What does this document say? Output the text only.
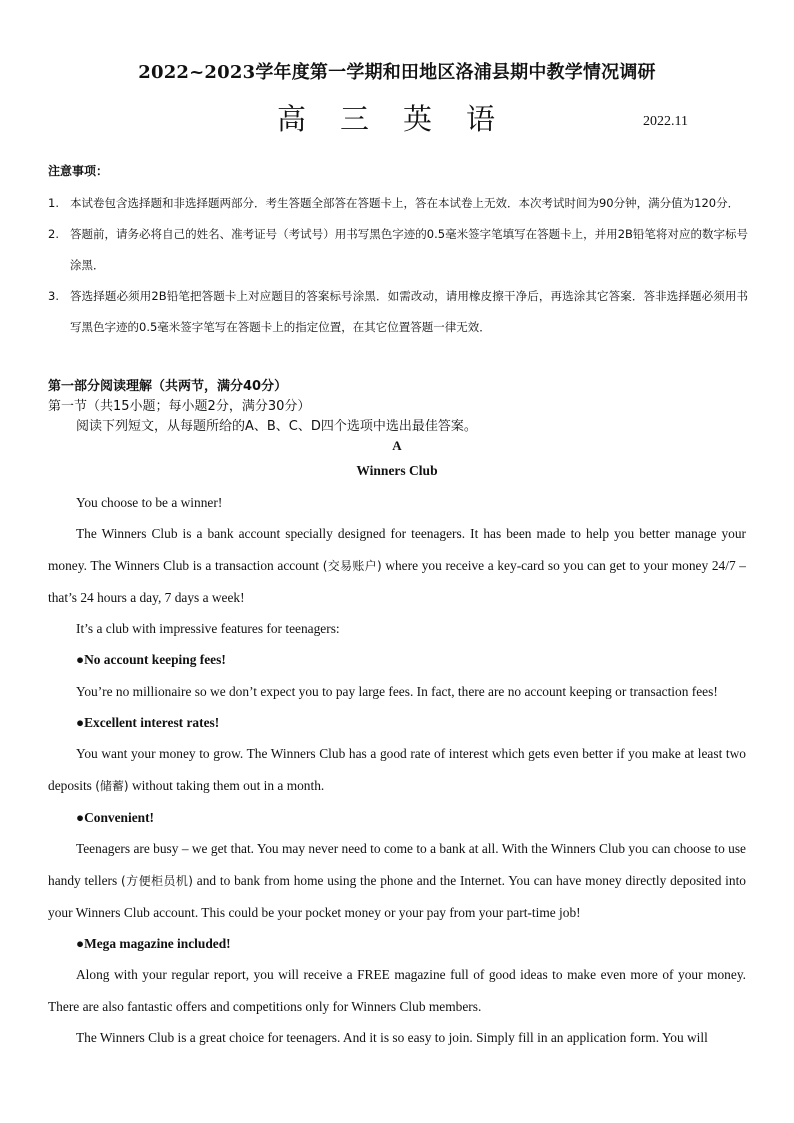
2022~2023学年度第一学期和田地区洛浦县期中教学情况调研
高三英语	2022.11
注意事项：
1. 本试卷包含选择题和非选择题两部分．考生答题全部答在答题卡上，答在本试卷上无效．本次考试时间为90分钟，满分值为120分．
2. 答题前，请务必将自己的姓名、准考证号（考试号）用书写黑色字迹的0.5毫米签字笔填写在答题卡上，并用2B铅笔将对应的数字标号涂黑．
3. 答选择题必须用2B铅笔把答题卡上对应题目的答案标号涂黑．如需改动，请用橡皮擦干净后，再选涂其它答案．答非选择题必须用书写黑色字迹的0.5毫米签字笔写在答题卡上的指定位置，在其它位置答题一律无效．
第一部分阅读理解（共两节，满分40分）
第一节（共15小题；每小题2分，满分30分）
阅读下列短文，从每题所给的A、B、C、D四个选项中选出最佳答案。
A
Winners Club

You choose to be a winner!

The Winners Club is a bank account specially designed for teenagers. It has been made to help you better manage your money. The Winners Club is a transaction account (交易账户) where you receive a key-card so you can get to your money 24/7 – that’s 24 hours a day, 7 days a week!

It’s a club with impressive features for teenagers:

●No account keeping fees!

You’re no millionaire so we don’t expect you to pay large fees. In fact, there are no account keeping or transaction fees!

●Excellent interest rates!

You want your money to grow. The Winners Club has a good rate of interest which gets even better if you make at least two deposits (储蓄) without taking them out in a month.

●Convenient!

Teenagers are busy – we get that. You may never need to come to a bank at all. With the Winners Club you can choose to use handy tellers (方便柜员机) and to bank from home using the phone and the Internet. You can have money directly deposited into your Winners Club account. This could be your pocket money or your pay from your part-time job!

●Mega magazine included!

Along with your regular report, you will receive a FREE magazine full of good ideas to make even more of your money. There are also fantastic offers and competitions only for Winners Club members.

The Winners Club is a great choice for teenagers. And it is so easy to join. Simply fill in an application form. You will
